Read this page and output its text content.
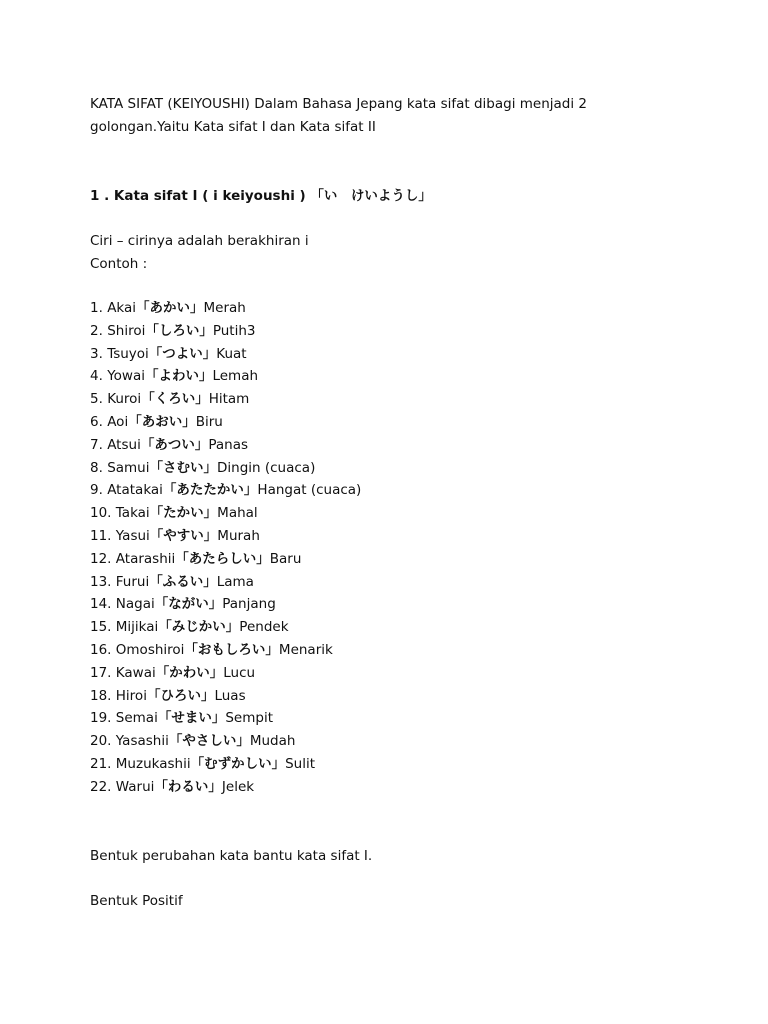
KATA SIFAT (KEIYOUSHI) Dalam Bahasa Jepang kata sifat dibagi menjadi 2
golongan.Yaitu Kata sifat I dan Kata sifat II
1 . Kata sifat I ( i keiyoushi ) 「い　けいようし」
Ciri – cirinya adalah berakhiran i
Contoh :
1. Akai「あかい」Merah
2. Shiroi「しろい」Putih3
3. Tsuyoi「つよい」Kuat
4. Yowai「よわい」Lemah
5. Kuroi「くろい」Hitam
6. Aoi「あおい」Biru
7. Atsui「あつい」Panas
8. Samui「さむい」Dingin (cuaca)
9. Atatakai「あたたかい」Hangat (cuaca)
10. Takai「たかい」Mahal
11. Yasui「やすい」Murah
12. Atarashii「あたらしい」Baru
13. Furui「ふるい」Lama
14. Nagai「ながい」Panjang
15. Mijikai「みじかい」Pendek
16. Omoshiroi「おもしろい」Menarik
17. Kawai「かわい」Lucu
18. Hiroi「ひろい」Luas
19. Semai「せまい」Sempit
20. Yasashii「やさしい」Mudah
21. Muzukashii「むずかしい」Sulit
22. Warui「わるい」Jelek
Bentuk perubahan kata bantu kata sifat I.
Bentuk Positif
